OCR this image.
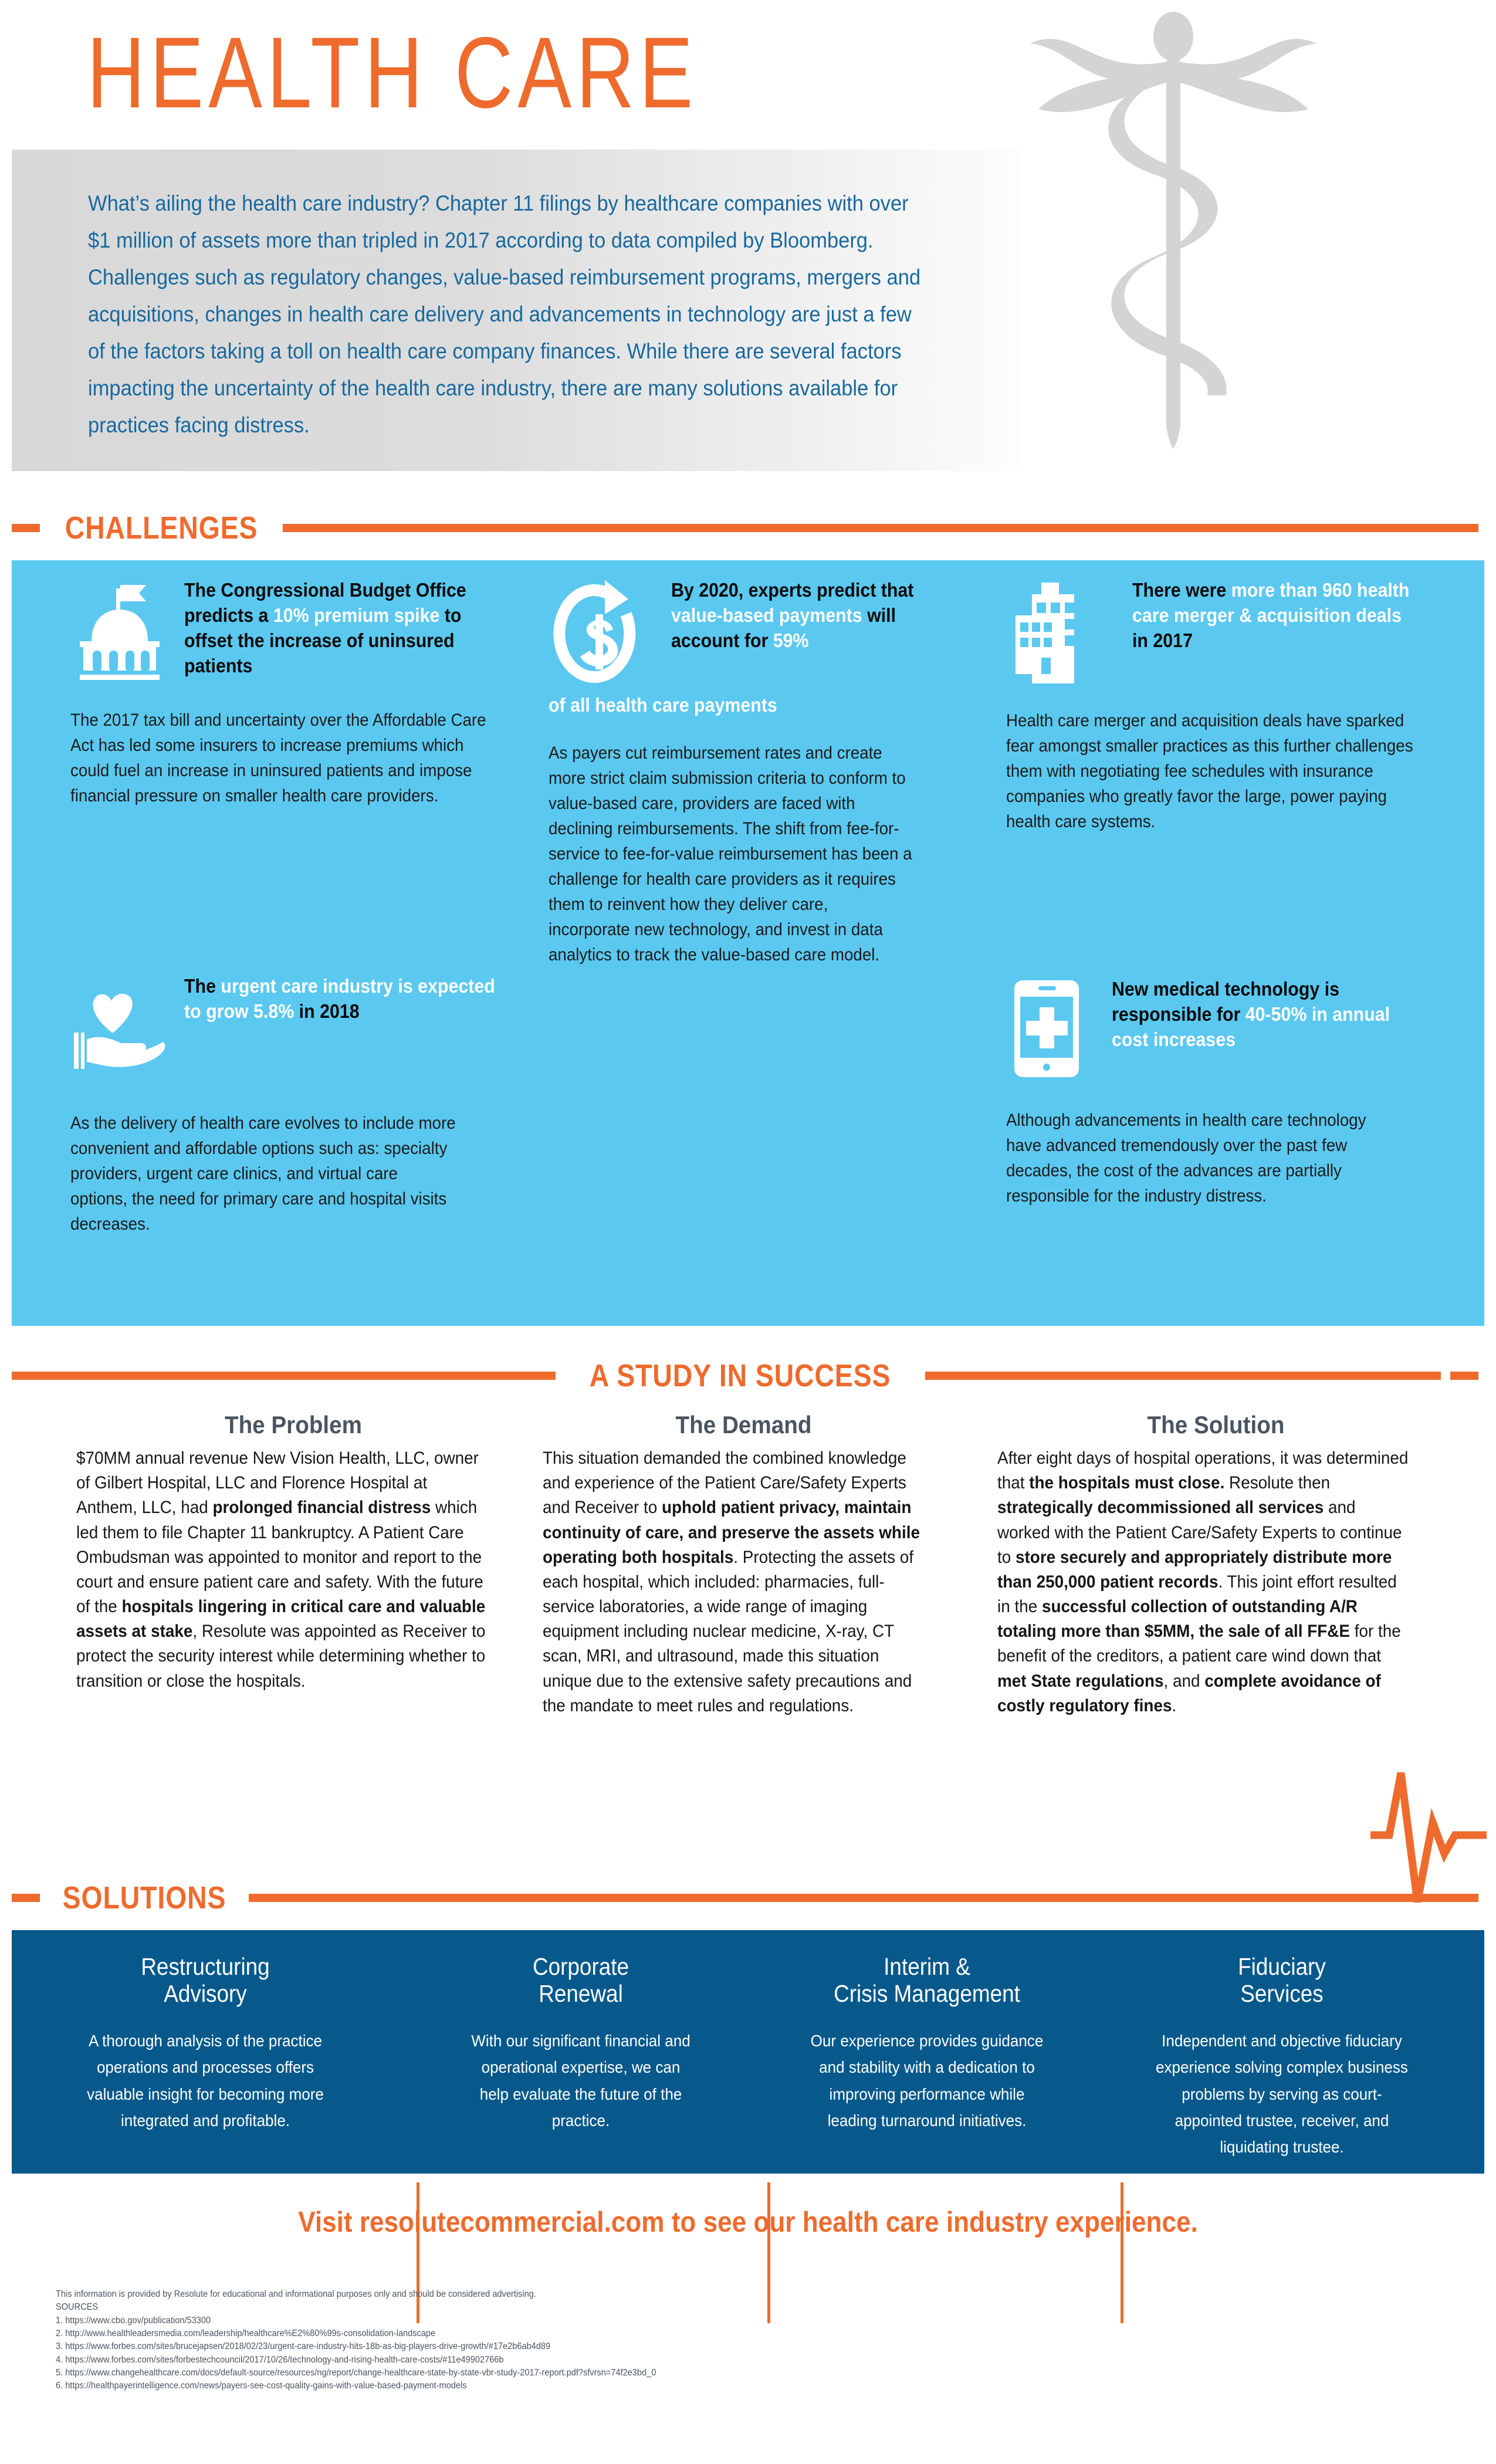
HEALTH CARE
What’s ailing the health care industry? Chapter 11 filings by healthcare companies with over $1 million of assets more than tripled in 2017 according to data compiled by Bloomberg. Challenges such as regulatory changes, value-based reimbursement programs, mergers and acquisitions, changes in health care delivery and advancements in technology are just a few of the factors taking a toll on health care company finances. While there are several factors impacting the uncertainty of the health care industry, there are many solutions available for practices facing distress.
CHALLENGES
The Congressional Budget Office predicts a 10% premium spike to offset the increase of uninsured patients
The 2017 tax bill and uncertainty over the Affordable Care Act has led some insurers to increase premiums which could fuel an increase in uninsured patients and impose financial pressure on smaller health care providers.
The urgent care industry is expected to grow 5.8% in 2018
As the delivery of health care evolves to include more convenient and affordable options such as: specialty providers, urgent care clinics, and virtual care options, the need for primary care and hospital visits decreases.
By 2020, experts predict that value-based payments will account for 59%
of all health care payments
As payers cut reimbursement rates and create more strict claim submission criteria to conform to value-based care, providers are faced with declining reimbursements. The shift from fee-for-service to fee-for-value reimbursement has been a challenge for health care providers as it requires them to reinvent how they deliver care, incorporate new technology, and invest in data analytics to track the value-based care model.
There were more than 960 health care merger & acquisition deals in 2017
Health care merger and acquisition deals have sparked fear amongst smaller practices as this further challenges them with negotiating fee schedules with insurance companies who greatly favor the large, power paying health care systems.
New medical technology is responsible for 40-50% in annual cost increases
Although advancements in health care technology have advanced tremendously over the past few decades, the cost of the advances are partially responsible for the industry distress.
A STUDY IN SUCCESS
The Problem
$70MM annual revenue New Vision Health, LLC, owner of Gilbert Hospital, LLC and Florence Hospital at Anthem, LLC, had prolonged financial distress which led them to file Chapter 11 bankruptcy. A Patient Care Ombudsman was appointed to monitor and report to the court and ensure patient care and safety. With the future of the hospitals lingering in critical care and valuable assets at stake, Resolute was appointed as Receiver to protect the security interest while determining whether to transition or close the hospitals.
The Demand
This situation demanded the combined knowledge and experience of the Patient Care/Safety Experts and Receiver to uphold patient privacy, maintain continuity of care, and preserve the assets while operating both hospitals. Protecting the assets of each hospital, which included: pharmacies, full-service laboratories, a wide range of imaging equipment including nuclear medicine, X-ray, CT scan, MRI, and ultrasound, made this situation unique due to the extensive safety precautions and the mandate to meet rules and regulations.
The Solution
After eight days of hospital operations, it was determined that the hospitals must close. Resolute then strategically decommissioned all services and worked with the Patient Care/Safety Experts to continue to store securely and appropriately distribute more than 250,000 patient records. This joint effort resulted in the successful collection of outstanding A/R totaling more than $5MM, the sale of all FF&E for the benefit of the creditors, a patient care wind down that met State regulations, and complete avoidance of costly regulatory fines.
SOLUTIONS
Restructuring
Advisory
A thorough analysis of the practice operations and processes offers valuable insight for becoming more integrated and profitable.
Corporate
Renewal
With our significant financial and operational expertise, we can help evaluate the future of the practice.
Interim &
Crisis Management
Our experience provides guidance and stability with a dedication to improving performance while leading turnaround initiatives.
Fiduciary
Services
Independent and objective fiduciary experience solving complex business problems by serving as court-appointed trustee, receiver, and liquidating trustee.
Visit resolutecommercial.com to see our health care industry experience.
This information is provided by Resolute for educational and informational purposes only and should be considered advertising.
SOURCES
1. https://www.cbo.gov/publication/53300
2. http://www.healthleadersmedia.com/leadership/healthcare%E2%80%99s-consolidation-landscape
3. https://www.forbes.com/sites/brucejapsen/2018/02/23/urgent-care-industry-hits-18b-as-big-players-drive-growth/#17e2b6ab4d89
4. https://www.forbes.com/sites/forbestechcouncil/2017/10/26/technology-and-rising-health-care-costs/#11e49902766b
5. https://www.changehealthcare.com/docs/default-source/resources/ng/report/change-healthcare-state-by-state-vbr-study-2017-report.pdf?sfvrsn=74f2e3bd_0
6. https://healthpayerintelligence.com/news/payers-see-cost-quality-gains-with-value-based-payment-models
